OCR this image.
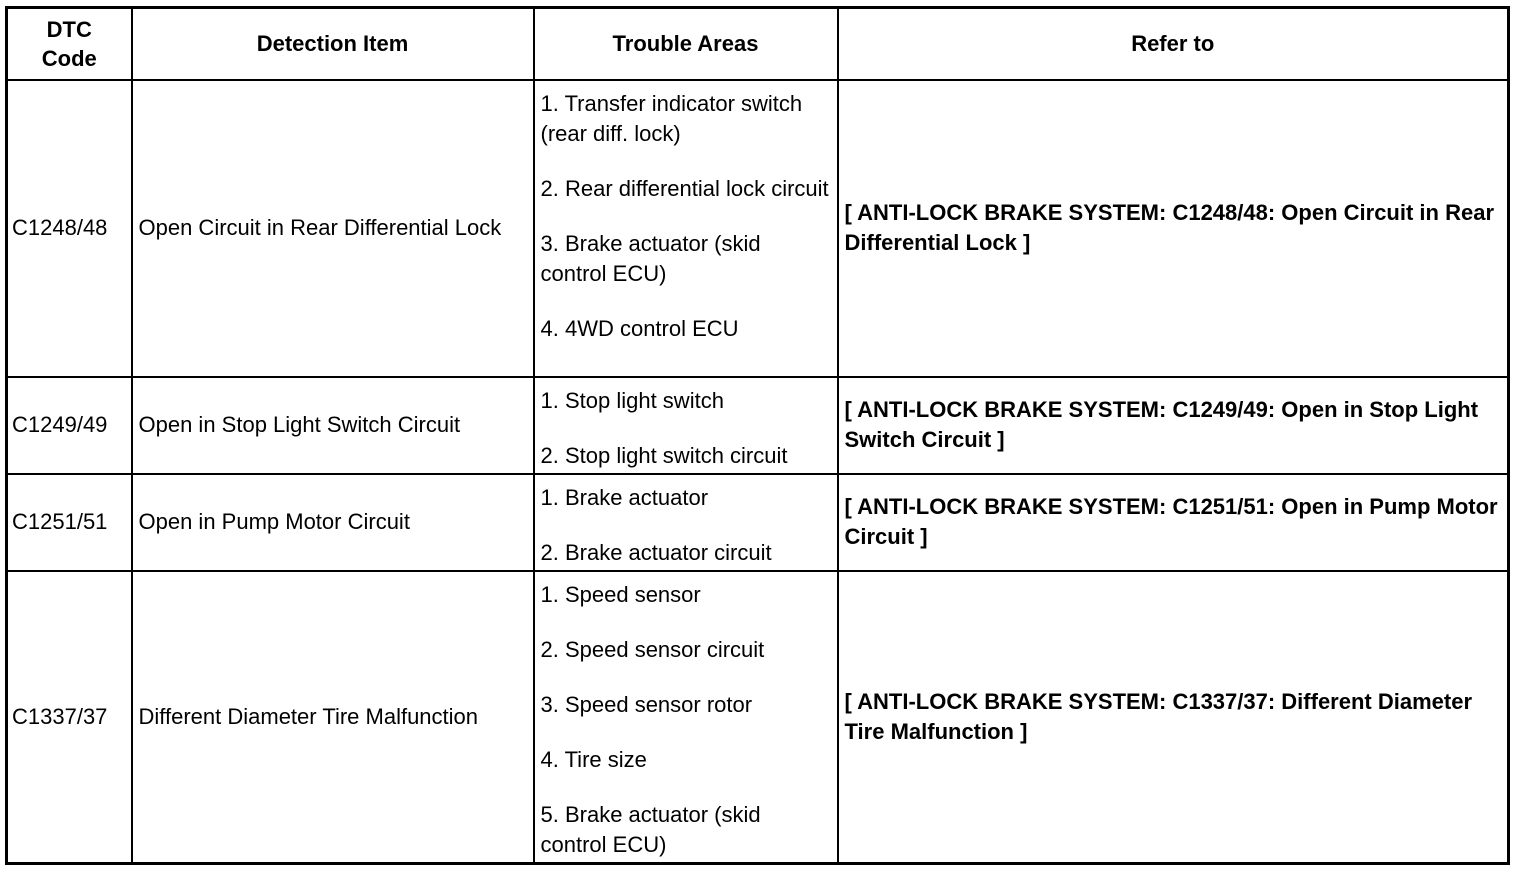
DTC
Code	Detection Item	Trouble Areas	Refer to
C1248/48	Open Circuit in Rear Differential Lock	1. Transfer indicator switch (rear diff. lock)
2. Rear differential lock circuit
3. Brake actuator (skid control ECU)
4. 4WD control ECU	[ ANTI-LOCK BRAKE SYSTEM: C1248/48: Open Circuit in Rear Differential Lock ]
C1249/49	Open in Stop Light Switch Circuit	1. Stop light switch
2. Stop light switch circuit	[ ANTI-LOCK BRAKE SYSTEM: C1249/49: Open in Stop Light Switch Circuit ]
C1251/51	Open in Pump Motor Circuit	1. Brake actuator
2. Brake actuator circuit	[ ANTI-LOCK BRAKE SYSTEM: C1251/51: Open in Pump Motor Circuit ]
C1337/37	Different Diameter Tire Malfunction	1. Speed sensor
2. Speed sensor circuit
3. Speed sensor rotor
4. Tire size
5. Brake actuator (skid control ECU)	[ ANTI-LOCK BRAKE SYSTEM: C1337/37: Different Diameter Tire Malfunction ]
